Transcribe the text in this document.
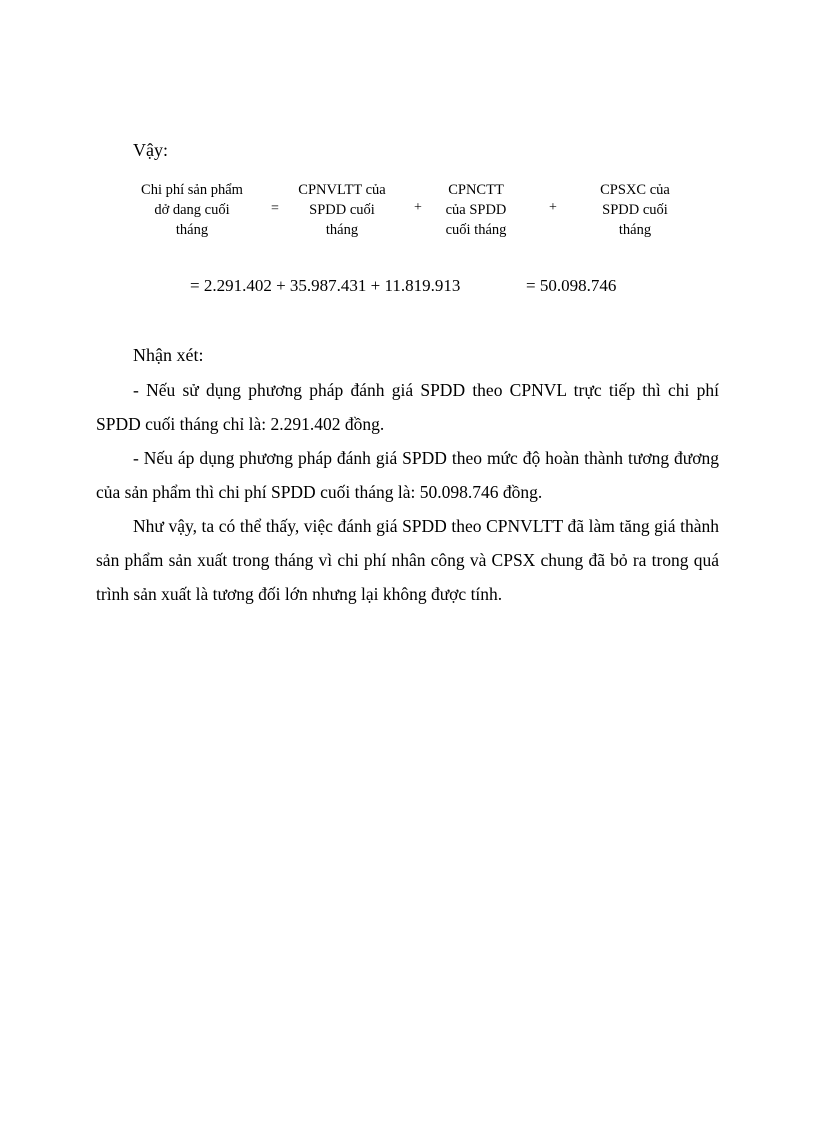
Vậy:
Chi phí sản phẩm
dở dang cuối
tháng
=
CPNVLTT của
SPDD cuối
tháng
+
CPNCTT
của SPDD
cuối tháng
+
CPSXC của
SPDD cuối
tháng
= 2.291.402 + 35.987.431 + 11.819.913	= 50.098.746
Nhận xét:
- Nếu sử dụng phương pháp đánh giá SPDD theo CPNVL trực tiếp thì chi phí SPDD cuối tháng chỉ là: 2.291.402 đồng.
- Nếu áp dụng phương pháp đánh giá SPDD theo mức độ hoàn thành tương đương của sản phẩm thì chi phí SPDD cuối tháng là: 50.098.746 đồng.
Như vậy, ta có thể thấy, việc đánh giá SPDD theo CPNVLTT đã làm tăng giá thành sản phẩm sản xuất trong tháng vì chi phí nhân công và CPSX chung đã bỏ ra trong quá trình sản xuất là tương đối lớn nhưng lại không được tính.
